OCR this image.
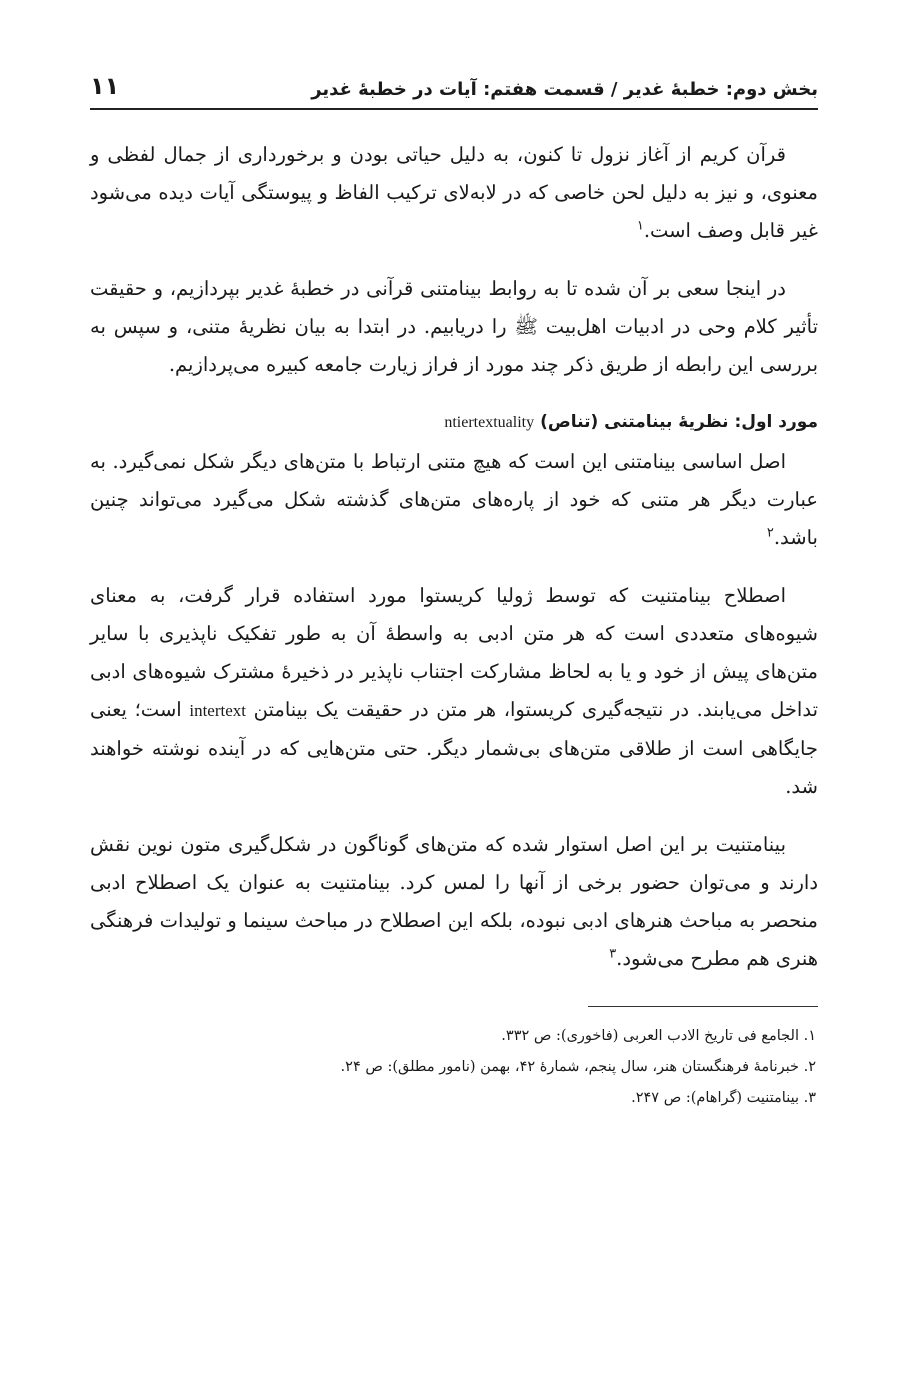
بخش دوم: خطبهٔ غدیر / قسمت هفتم: آیات در خطبهٔ غدیر
۱۱

قرآن کریم از آغاز نزول تا کنون، به دلیل حیاتی بودن و برخورداری از جمال لفظی و معنوی، و نیز به دلیل لحن خاصی که در لابه‌لای ترکیب الفاظ و پیوستگی آیات دیده می‌شود غیر قابل وصف است.$^۱$

در اینجا سعی بر آن شده تا به روابط بینامتنی قرآنی در خطبهٔ غدیر بپردازیم، و حقیقت تأثیر کلام وحی در ادبیات اهل‌بیت ﷺ را دریابیم. در ابتدا به بیان نظریهٔ متنی، و سپس به بررسی این رابطه از طریق ذکر چند مورد از فراز زیارت جامعه کبیره می‌پردازیم.

مورد اول: نظریهٔ بینامتنی (تناص)ntiertextuality

اصل اساسی بینامتنی این است که هیچ متنی ارتباط با متن‌های دیگر شکل نمی‌گیرد. به عبارت دیگر هر متنی که خود از پاره‌های متن‌های گذشته شکل می‌گیرد می‌تواند چنین باشد.$^۲$

اصطلاح بینامتنیت که توسط ژولیا کریستوا مورد استفاده قرار گرفت، به معنای شیوه‌های متعددی است که هر متن ادبی به واسطهٔ آن به طور تفکیک ناپذیری با سایر متن‌های پیش از خود و یا به لحاظ مشارکت اجتناب ناپذیر در ذخیرهٔ مشترک شیوه‌های ادبی تداخل می‌یابند. در نتیجه‌گیری کریستوا، هر متن در حقیقت یک بینامتن intertext است؛ یعنی جایگاهی است از طلاقی متن‌های بی‌شمار دیگر. حتی متن‌هایی که در آینده نوشته خواهند شد.

بینامتنیت بر این اصل استوار شده که متن‌های گوناگون در شکل‌گیری متون نوین نقش دارند و می‌توان حضور برخی از آنها را لمس کرد. بینامتنیت به عنوان یک اصطلاح ادبی منحصر به مباحث هنرهای ادبی نبوده، بلکه این اصطلاح در مباحث سینما و تولیدات فرهنگی هنری هم مطرح می‌شود.$^۳$

۱. الجامع فی تاریخ الادب العربی (فاخوری): ص ۳۳۲.

۲. خبرنامهٔ فرهنگستان هنر، سال پنجم، شمارهٔ ۴۲، بهمن (نامور مطلق): ص ۲۴.

۳. بینامتنیت (گراهام): ص ۲۴۷.
